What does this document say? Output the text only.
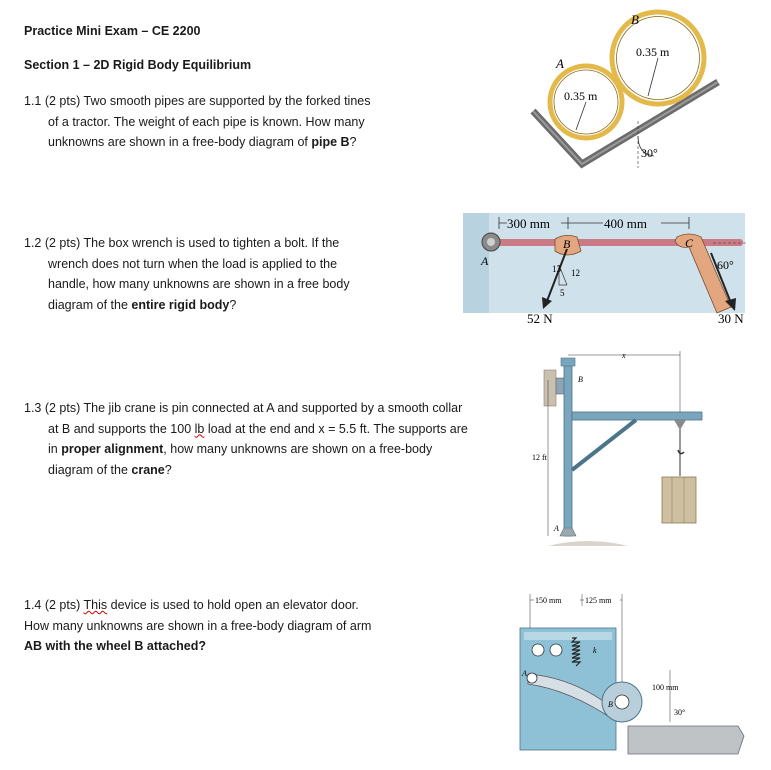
Practice Mini Exam – CE 2200
Section 1 – 2D Rigid Body Equilibrium
1.1 (2 pts) Two smooth pipes are supported by the forked tines
of a tractor. The weight of each pipe is known. How many
unknowns are shown in a free-body diagram of pipe B?
1.2 (2 pts) The box wrench is used to tighten a bolt. If the
wrench does not turn when the load is applied to the
handle, how many unknowns are shown in a free body
diagram of the entire rigid body?
1.3 (2 pts) The jib crane is pin connected at A and supported by a smooth collar
at B and supports the 100 lb load at the end and x = 5.5 ft. The supports are
in proper alignment, how many unknowns are shown on a free-body
diagram of the crane?
1.4 (2 pts) This device is used to hold open an elevator door.
How many unknowns are shown in a free-body diagram of arm
AB with the wheel B attached?
A
B
0.35 m
0.35 m
30°
300 mm	400 mm
13 12
5
60°
A
B	C
52 N	30 N
x
12 ft
B
A
150 mm	125 mm
k
A
B
100 mm
30°
